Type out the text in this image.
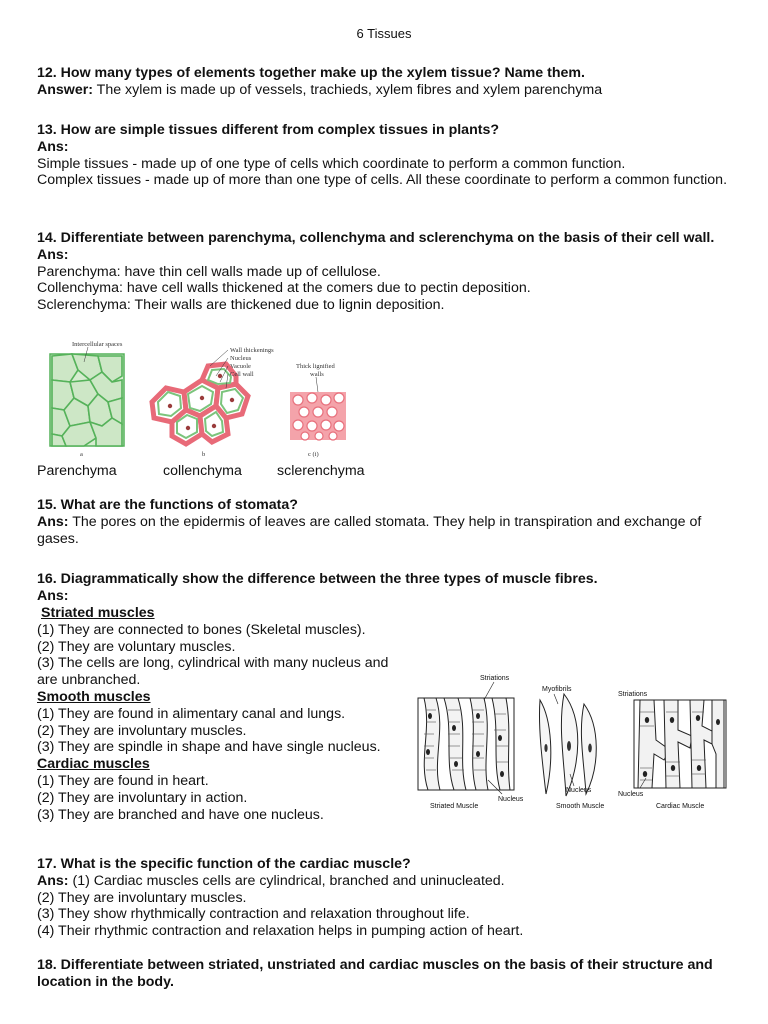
6 Tissues
12. How many types of elements together make up the xylem tissue? Name them.
Answer: The xylem is made up of vessels, trachieds, xylem fibres and xylem parenchyma
13. How are simple tissues different from complex tissues in plants?
Ans:
Simple tissues - made up of one type of cells which coordinate to perform a common function.
Complex tissues - made up of more than one type of cells. All these coordinate to perform a common function.
14. Differentiate between parenchyma, collenchyma and sclerenchyma on the basis of their cell wall.
Ans:
Parenchyma: have thin cell walls made up of cellulose.
Collenchyma: have cell walls thickened at the comers due to pectin deposition.
Sclerenchyma: Their walls are thickened due to lignin deposition.
Intercellular spaces
a
Wall thickenings
Nucleus
Vacuole
Cell wall
b
Thick lignified
walls
c (i)
Parenchyma	collenchyma sclerenchyma
15. What are the functions of stomata?
Ans: The pores on the epidermis of leaves are called stomata. They help in transpiration and exchange of gases.
16. Diagrammatically show the difference between the three types of muscle fibres.
Ans:
Striated muscles
(1) They are connected to bones (Skeletal muscles).
(2) They are voluntary muscles.
(3) The cells are long, cylindrical with many nucleus and are unbranched.
Smooth muscles
(1) They are found in alimentary canal and lungs.
(2) They are involuntary muscles.
(3) They are spindle in shape and have single nucleus.
Cardiac muscles
(1) They are found in heart.
(2) They are involuntary in action.
(3) They are branched and have one nucleus.
Striations
Nucleus
Striated Muscle
Myofibrils
Nucleus
Smooth Muscle
Striations
Nucleus
Cardiac Muscle
17. What is the specific function of the cardiac muscle?
Ans: (1) Cardiac muscles cells are cylindrical, branched and uninucleated.
(2) They are involuntary muscles.
(3) They show rhythmically contraction and relaxation throughout life.
(4) Their rhythmic contraction and relaxation helps in pumping action of heart.
18. Differentiate between striated, unstriated and cardiac muscles on the basis of their structure and location in the body.
